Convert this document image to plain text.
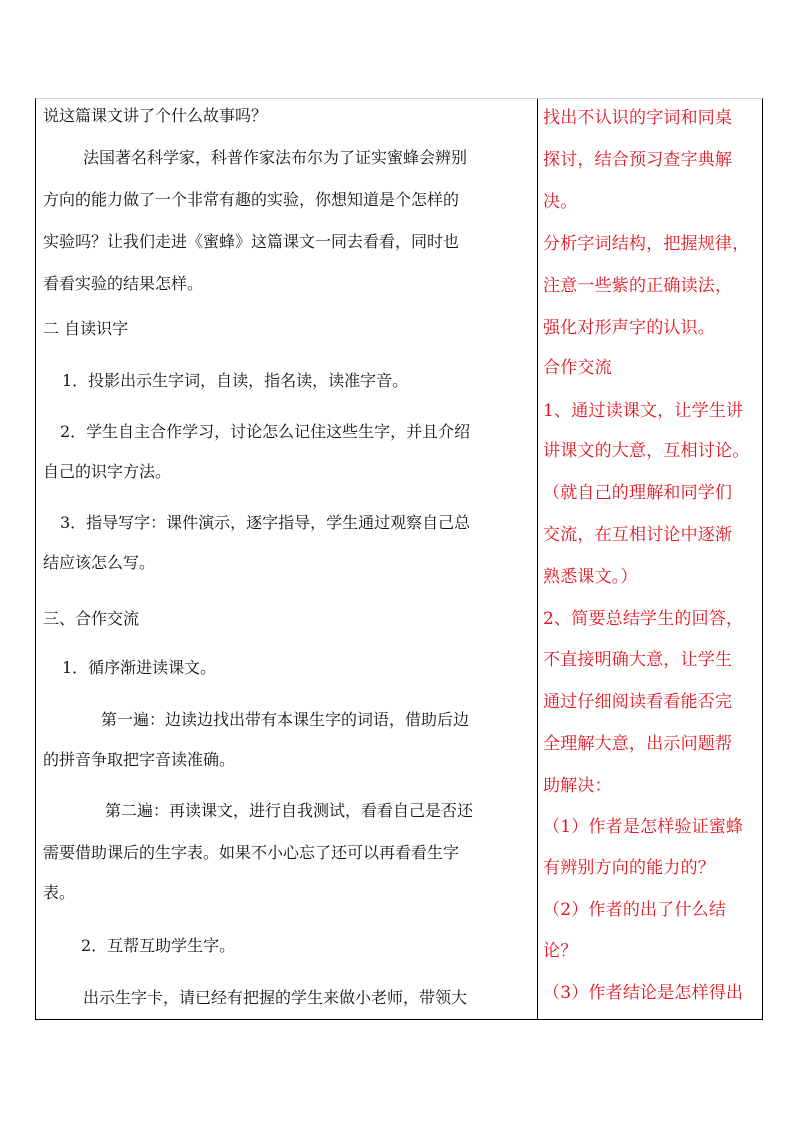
说这篇课文讲了个什么故事吗？
法国著名科学家，科普作家法布尔为了证实蜜蜂会辨别
方向的能力做了一个非常有趣的实验，你想知道是个怎样的
实验吗？让我们走进《蜜蜂》这篇课文一同去看看，同时也
看看实验的结果怎样。
二 自读识字
1．投影出示生字词，自读，指名读，读准字音。
2．学生自主合作学习，讨论怎么记住这些生字，并且介绍
自己的识字方法。
3．指导写字：课件演示，逐字指导，学生通过观察自己总
结应该怎么写。
三、合作交流
1．循序渐进读课文。
第一遍：边读边找出带有本课生字的词语，借助后边
的拼音争取把字音读准确。
第二遍：再读课文，进行自我测试，看看自己是否还
需要借助课后的生字表。如果不小心忘了还可以再看看生字
表。
2．互帮互助学生字。
出示生字卡，请已经有把握的学生来做小老师，带领大
找出不认识的字词和同桌
探讨，结合预习查字典解
决。
分析字词结构，把握规律，
注意一些紫的正确读法，
强化对形声字的认识。
合作交流
1、通过读课文，让学生讲
讲课文的大意，互相讨论。
（就自己的理解和同学们
交流，在互相讨论中逐渐
熟悉课文。）
2、简要总结学生的回答，
不直接明确大意，让学生
通过仔细阅读看看能否完
全理解大意，出示问题帮
助解决：
（1）作者是怎样验证蜜蜂
有辨别方向的能力的？
（2）作者的出了什么结
论？
（3）作者结论是怎样得出
